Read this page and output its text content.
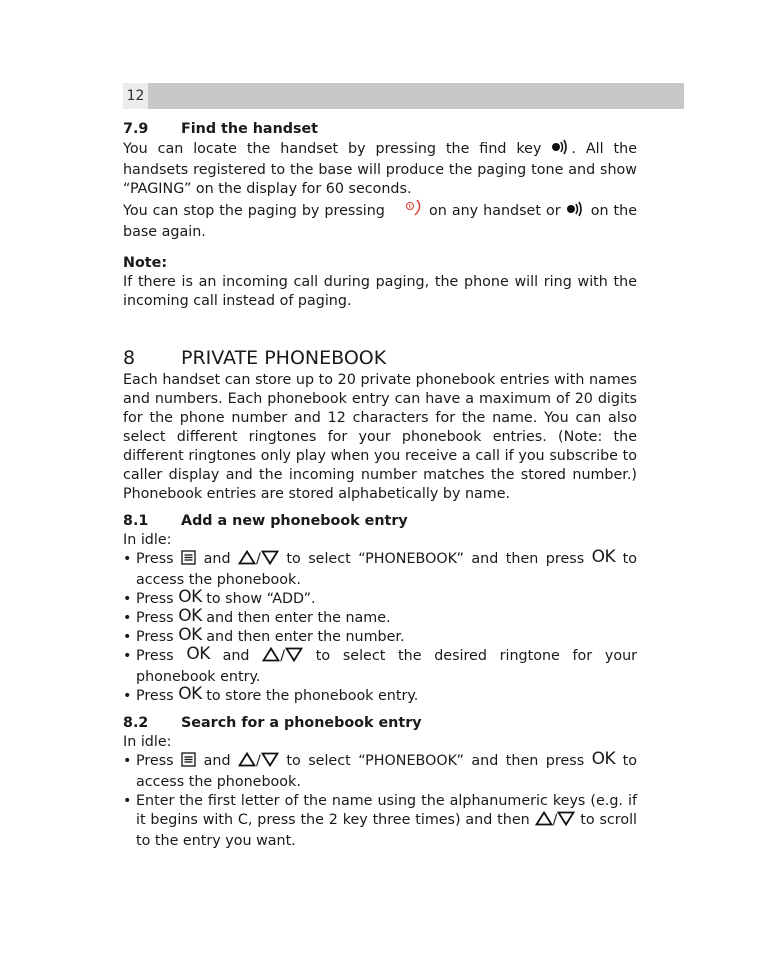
12
7.9 Find the handset

You can locate the handset by pressing the find key . All the handsets registered to the base will produce the paging tone and show “PAGING” on the display for 60 seconds.

You can stop the paging by pressing	on any handset or on the base again.

Note:

If there is an incoming call during paging, the phone will ring with the incoming call instead of paging.

8 PRIVATE PHONEBOOK

Each handset can store up to 20 private phonebook entries with names and numbers. Each phonebook entry can have a maximum of 20 digits for the phone number and 12 characters for the name. You can also select different ringtones for your phonebook entries. (Note: the different ringtones only play when you receive a call if you subscribe to caller display and the incoming number matches the stored number.) Phonebook entries are stored alphabetically by name.

8.1 Add a new phonebook entry

In idle:

• Press and / to select “PHONEBOOK” and then press OK to access the phonebook.
• Press OK to show “ADD”.
• Press OK and then enter the name.
• Press OK and then enter the number.
• Press OK and / to select the desired ringtone for your phonebook entry.
• Press OK to store the phonebook entry.
8.2 Search for a phonebook entry

In idle:

• Press and / to select “PHONEBOOK” and then press OK to access the phonebook.
• Enter the first letter of the name using the alphanumeric keys (e.g. if it begins with C, press the 2 key three times) and then / to scroll to the entry you want.
